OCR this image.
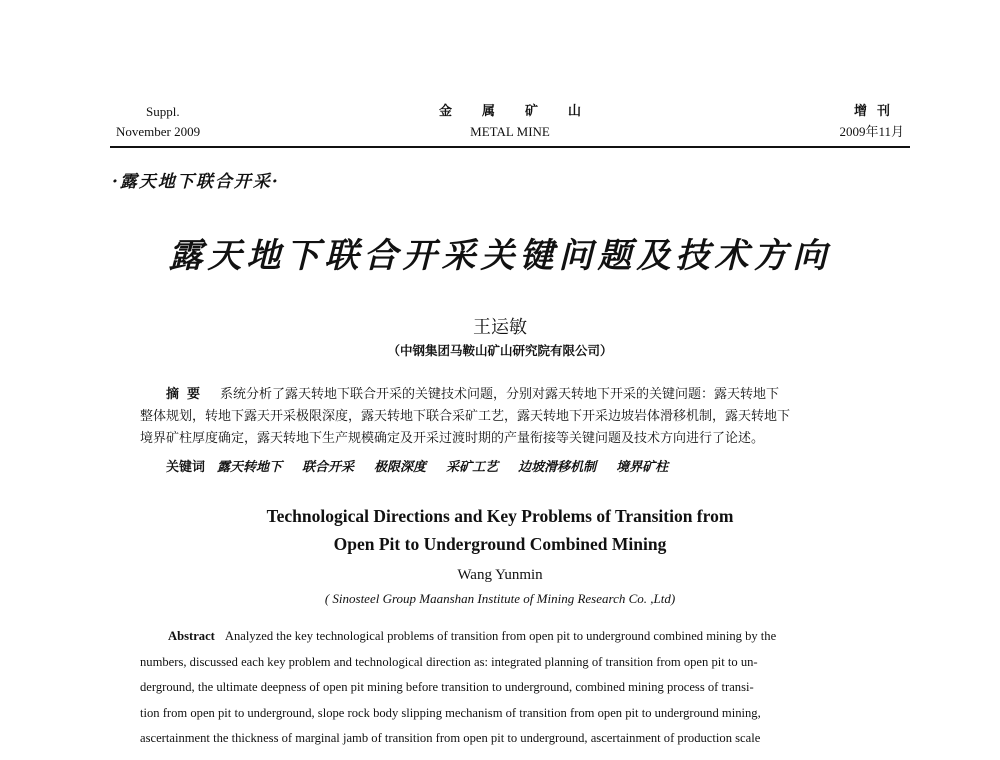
Suppl.
November 2009
金属矿山
METAL MINE
增刊
2009年11月
·露天地下联合开采·
露天地下联合开采关键问题及技术方向
王运敏
（中钢集团马鞍山矿山研究院有限公司）
摘要 系统分析了露天转地下联合开采的关键技术问题，分别对露天转地下开采的关键问题：露天转地下
整体规划，转地下露天开采极限深度，露天转地下联合采矿工艺，露天转地下开采边坡岩体滑移机制，露天转地下
境界矿柱厚度确定，露天转地下生产规模确定及开采过渡时期的产量衔接等关键问题及技术方向进行了论述。
关键词 露天转地下 联合开采 极限深度 采矿工艺 边坡滑移机制 境界矿柱
Technological Directions and Key Problems of Transition from
Open Pit to Underground Combined Mining
Wang Yunmin
( Sinosteel Group Maanshan Institute of Mining Research Co. ,Ltd)
Abstract Analyzed the key technological problems of transition from open pit to underground combined mining by the
numbers, discussed each key problem and technological direction as: integrated planning of transition from open pit to un-
derground, the ultimate deepness of open pit mining before transition to underground, combined mining process of transi-
tion from open pit to underground, slope rock body slipping mechanism of transition from open pit to underground mining,
ascertainment the thickness of marginal jamb of transition from open pit to underground, ascertainment of production scale
